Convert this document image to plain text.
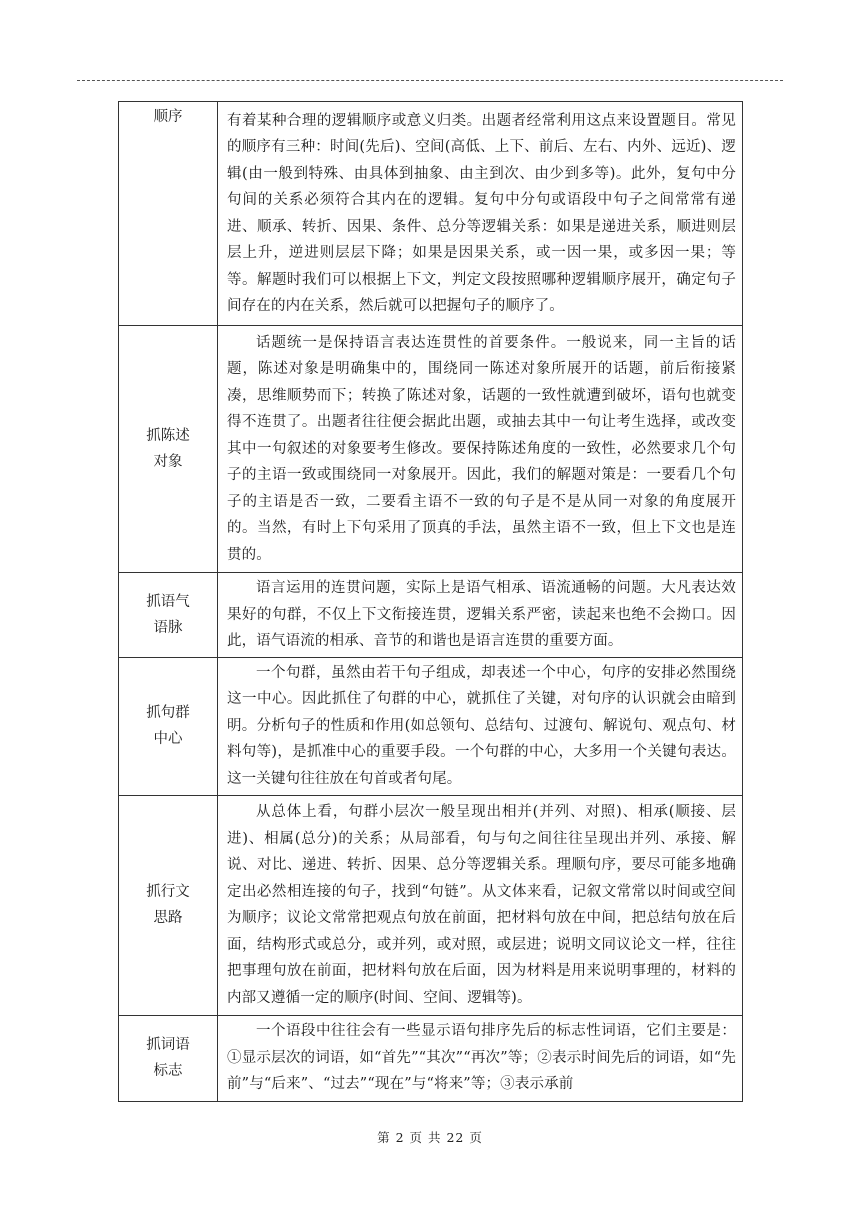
顺序	有着某种合理的逻辑顺序或意义归类。出题者经常利用这点来设置题目。常见的顺序有三种：时间(先后)、空间(高低、上下、前后、左右、内外、远近)、逻辑(由一般到特殊、由具体到抽象、由主到次、由少到多等)。此外，复句中分句间的关系必须符合其内在的逻辑。复句中分句或语段中句子之间常常有递进、顺承、转折、因果、条件、总分等逻辑关系：如果是递进关系，顺进则层层上升，逆进则层层下降；如果是因果关系，或一因一果，或多因一果；等等。解题时我们可以根据上下文，判定文段按照哪种逻辑顺序展开，确定句子间存在的内在关系，然后就可以把握句子的顺序了。

抓陈述对象	话题统一是保持语言表达连贯性的首要条件。一般说来，同一主旨的话题，陈述对象是明确集中的，围绕同一陈述对象所展开的话题，前后衔接紧凑，思维顺势而下；转换了陈述对象，话题的一致性就遭到破坏，语句也就变得不连贯了。出题者往往便会据此出题，或抽去其中一句让考生选择，或改变其中一句叙述的对象要考生修改。要保持陈述角度的一致性，必然要求几个句子的主语一致或围绕同一对象展开。因此，我们的解题对策是：一要看几个句子的主语是否一致，二要看主语不一致的句子是不是从同一对象的角度展开的。当然，有时上下句采用了顶真的手法，虽然主语不一致，但上下文也是连贯的。

抓语气语脉	语言运用的连贯问题，实际上是语气相承、语流通畅的问题。大凡表达效果好的句群，不仅上下文衔接连贯，逻辑关系严密，读起来也绝不会拗口。因此，语气语流的相承、音节的和谐也是语言连贯的重要方面。

抓句群中心	一个句群，虽然由若干句子组成，却表述一个中心，句序的安排必然围绕这一中心。因此抓住了句群的中心，就抓住了关键，对句序的认识就会由暗到明。分析句子的性质和作用(如总领句、总结句、过渡句、解说句、观点句、材料句等)，是抓准中心的重要手段。一个句群的中心，大多用一个关键句表达。这一关键句往往放在句首或者句尾。

抓行文思路	从总体上看，句群小层次一般呈现出相并(并列、对照)、相承(顺接、层进)、相属(总分)的关系；从局部看，句与句之间往往呈现出并列、承接、解说、对比、递进、转折、因果、总分等逻辑关系。理顺句序，要尽可能多地确定出必然相连接的句子，找到“句链”。从文体来看，记叙文常常以时间或空间为顺序；议论文常常把观点句放在前面，把材料句放在中间，把总结句放在后面，结构形式或总分，或并列，或对照，或层进；说明文同议论文一样，往往把事理句放在前面，把材料句放在后面，因为材料是用来说明事理的，材料的内部又遵循一定的顺序(时间、空间、逻辑等)。

抓词语标志	一个语段中往往会有一些显示语句排序先后的标志性词语，它们主要是：①显示层次的词语，如“首先”“其次”“再次”等；②表示时间先后的词语，如“先前”与“后来”、“过去”“现在”与“将来”等；③表示承前

第 2 页 共 22 页
